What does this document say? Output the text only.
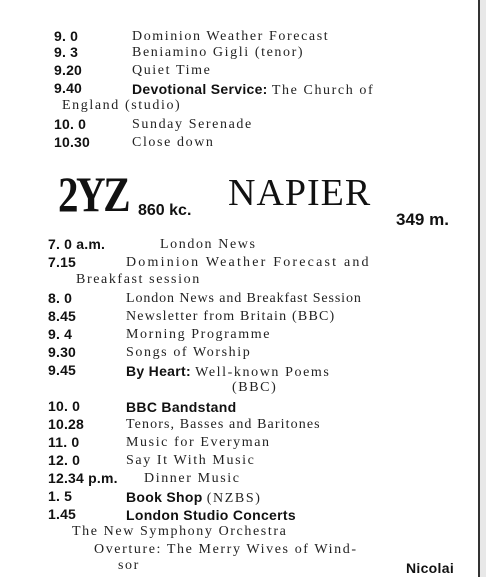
9. 0	Dominion Weather Forecast
9. 3	Beniamino Gigli (tenor)
9.20	Quiet Time
9.40	Devotional Service: The Church of
England (studio)
10. 0	Sunday Serenade
10.30	Close down
2YZ 860 kc. NAPIER
349 m.
7. 0 a.m.	London News
7.15	Dominion Weather Forecast and
Breakfast session
8. 0	London News and Breakfast Session
8.45	Newsletter from Britain (BBC)
9. 4	Morning Programme
9.30	Songs of Worship
9.45	By Heart: Well-known Poems
(BBC)
10. 0	BBC Bandstand
10.28	Tenors, Basses and Baritones
11. 0	Music for Everyman
12. 0	Say It With Music
12.34 p.m. Dinner Music
1. 5	Book Shop (NZBS)
1.45	London Studio Concerts
The New Symphony Orchestra
Overture: The Merry Wives of Wind-
sor	Nicolai
